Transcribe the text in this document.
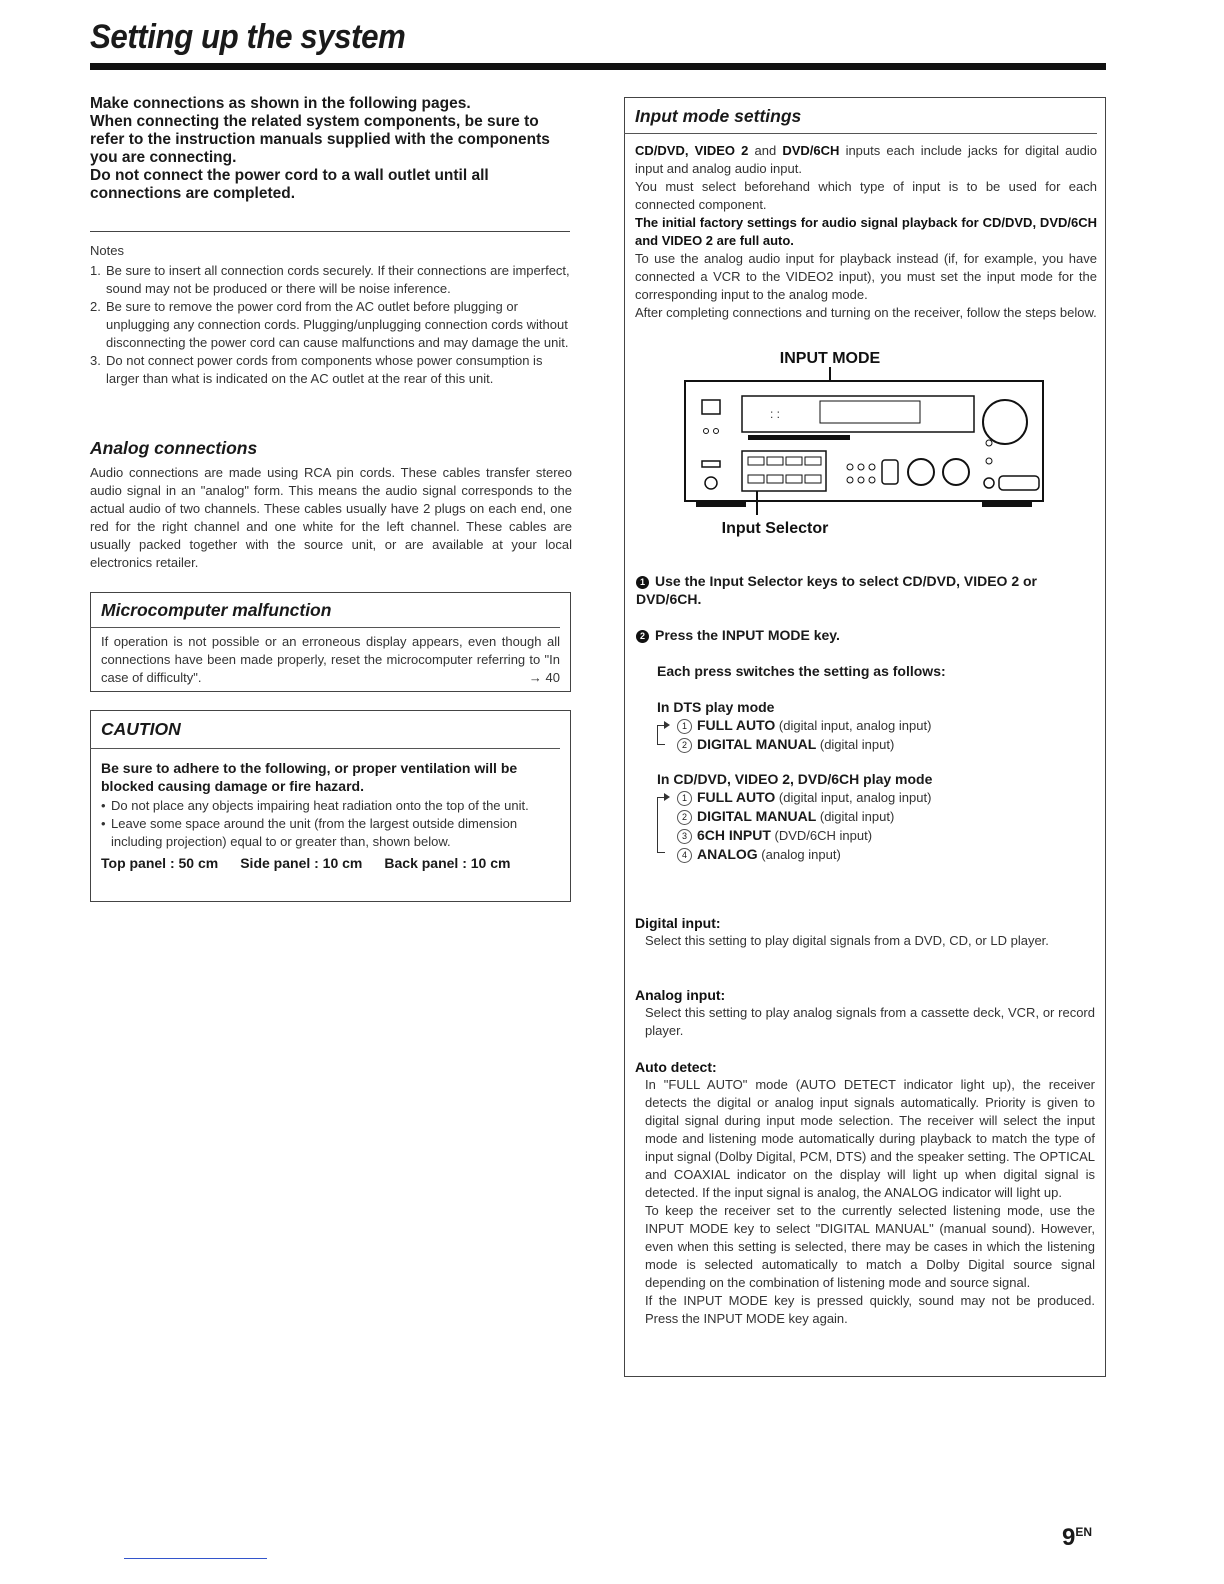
Setting up the system

Make connections as shown in the following pages.

When connecting the related system components, be sure to refer to the instruction manuals supplied with the components you are connecting.

Do not connect the power cord to a wall outlet until all connections are completed.

Notes
1. Be sure to insert all connection cords securely. If their connections are imperfect, sound may not be produced or there will be noise inference.
2. Be sure to remove the power cord from the AC outlet before plugging or unplugging any connection cords. Plugging/unplugging connection cords without disconnecting the power cord can cause malfunctions and may damage the unit.
3. Do not connect power cords from components whose power consumption is larger than what is indicated on the AC outlet at the rear of this unit.
Analog connections
Audio connections are made using RCA pin cords. These cables transfer stereo audio signal in an "analog" form. This means the audio signal corresponds to the actual audio of two channels. These cables usually have 2 plugs on each end, one red for the right channel and one white for the left channel. These cables are usually packed together with the source unit, or are available at your local electronics retailer.
Microcomputer malfunction

If operation is not possible or an erroneous display appears, even though all connections have been made properly, reset the microcomputer referring to "In case of difficulty".	→ 40

CAUTION
Be sure to adhere to the following, or proper ventilation will be blocked causing damage or fire hazard.
• Do not place any objects impairing heat radiation onto the top of the unit.
• Leave some space around the unit (from the largest outside dimension including projection) equal to or greater than, shown below.
Top panel : 50 cm Side panel : 10 cm Back panel : 10 cm
Input mode settings

CD/DVD, VIDEO 2 and DVD/6CH inputs each include jacks for digital audio input and analog audio input.

You must select beforehand which type of input is to be used for each connected component.

The initial factory settings for audio signal playback for CD/DVD, DVD/6CH and VIDEO 2 are full auto.

To use the analog audio input for playback instead (if, for example, you have connected a VCR to the VIDEO2 input), you must set the input mode for the corresponding input to the analog mode.

After completing connections and turning on the receiver, follow the steps below.

INPUT MODE
: :
Input Selector
1 Use the Input Selector keys to select CD/DVD, VIDEO 2 or DVD/6CH.
2 Press the INPUT MODE key.
Each press switches the setting as follows:
In DTS play mode
1 FULL AUTO (digital input, analog input)
2 DIGITAL MANUAL (digital input)
In CD/DVD, VIDEO 2, DVD/6CH play mode
1 FULL AUTO (digital input, analog input)
2 DIGITAL MANUAL (digital input)
3 6CH INPUT (DVD/6CH input)
4 ANALOG (analog input)
Digital input:
Select this setting to play digital signals from a DVD, CD, or LD player.
Analog input:
Select this setting to play analog signals from a cassette deck, VCR, or record player.
Auto detect:

In "FULL AUTO" mode (AUTO DETECT indicator light up), the receiver detects the digital or analog input signals automatically. Priority is given to digital signal during input mode selection. The receiver will select the input mode and listening mode automatically during playback to match the type of input signal (Dolby Digital, PCM, DTS) and the speaker setting. The OPTICAL and COAXIAL indicator on the display will light up when digital signal is detected. If the input signal is analog, the ANALOG indicator will light up.

To keep the receiver set to the currently selected listening mode, use the INPUT MODE key to select "DIGITAL MANUAL" (manual sound). However, even when this setting is selected, there may be cases in which the listening mode is selected automatically to match a Dolby Digital source signal depending on the combination of listening mode and source signal.

If the INPUT MODE key is pressed quickly, sound may not be produced. Press the INPUT MODE key again.

$9^{EN}$
